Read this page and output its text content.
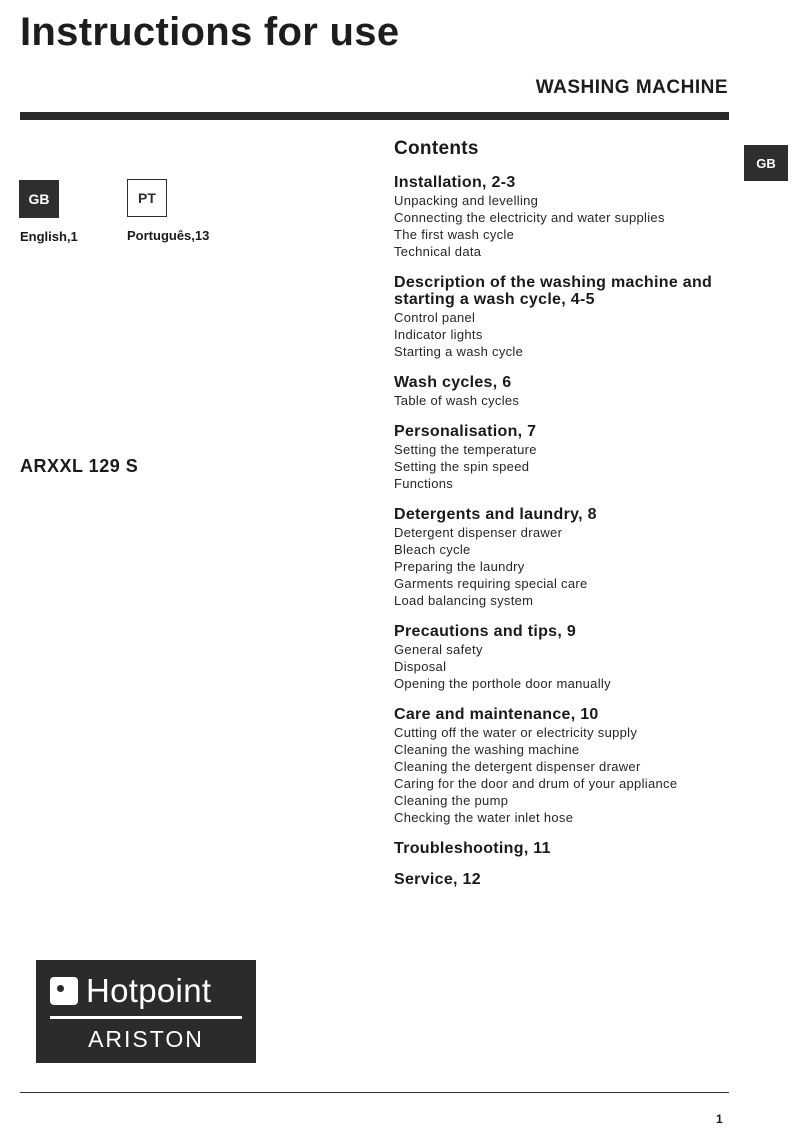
Instructions for use
WASHING MACHINE
GB
GB
English,1
PT
Português,13
ARXXL 129 S
Contents
Installation, 2-3
Unpacking and levelling
Connecting the electricity and water supplies
The first wash cycle
Technical data
Description of the washing machine and starting a wash cycle, 4-5
Control panel
Indicator lights
Starting a wash cycle
Wash cycles, 6
Table of wash cycles
Personalisation, 7
Setting the temperature
Setting the spin speed
Functions
Detergents and laundry, 8
Detergent dispenser drawer
Bleach cycle
Preparing the laundry
Garments requiring special care
Load balancing system
Precautions and tips, 9
General safety
Disposal
Opening the porthole door manually
Care and maintenance, 10
Cutting off the water or electricity supply
Cleaning the washing machine
Cleaning the detergent dispenser drawer
Caring for the door and drum of your appliance
Cleaning the pump
Checking the water inlet hose
Troubleshooting, 11
Service, 12
Hotpoint
ARISTON
1
